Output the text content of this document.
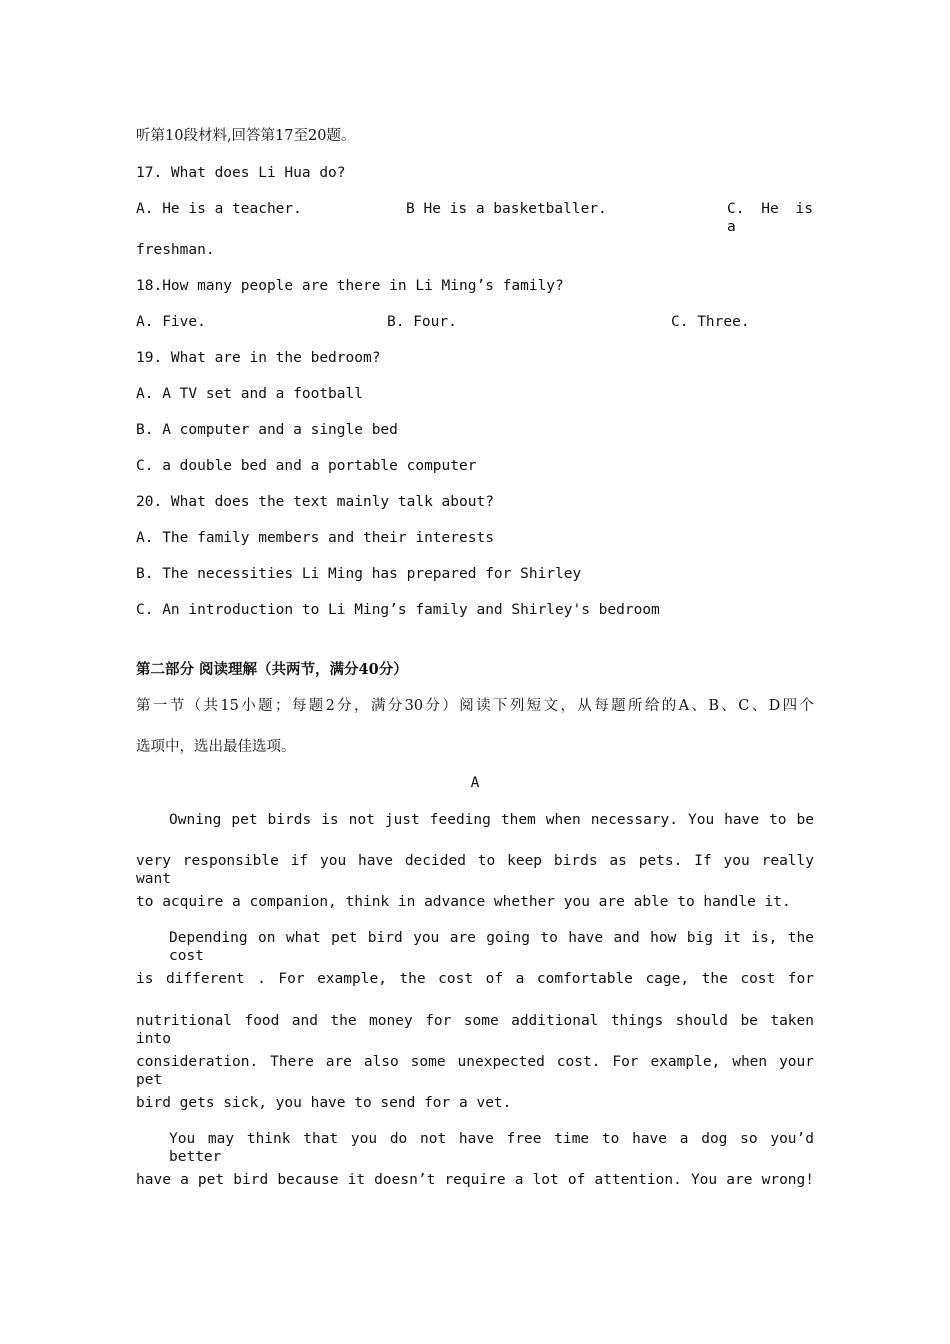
听第10段材料,回答第17至20题。
17. What does Li Hua do?
A. He is a teacher.	B He is a basketballer.	C. He is a
freshman.
18.How many people are there in Li Ming’s family?
A. Five.	B. Four.	C. Three.
19. What are in the bedroom?
A. A TV set and a football
B. A computer and a single bed
C. a double bed and a portable computer
20. What does the text mainly talk about?
A. The family members and their interests
B. The necessities Li Ming has prepared for Shirley
C. An introduction to Li Ming’s family and Shirley's bedroom
第二部分 阅读理解（共两节，满分40分）
第一节（共15小题；每题2分，满分30分）阅读下列短文，从每题所给的A、B、C、D四个
选项中，选出最佳选项。
A
Owning pet birds is not just feeding them when necessary. You have to be
very responsible if you have decided to keep birds as pets. If you really want
to acquire a companion, think in advance whether you are able to handle it.
Depending on what pet bird you are going to have and how big it is, the cost
is different . For example, the cost of a comfortable cage, the cost for
nutritional food and the money for some additional things should be taken into
consideration. There are also some unexpected cost. For example, when your pet
bird gets sick, you have to send for a vet.
You may think that you do not have free time to have a dog so you’d better
have a pet bird because it doesn’t require a lot of attention. You are wrong!
